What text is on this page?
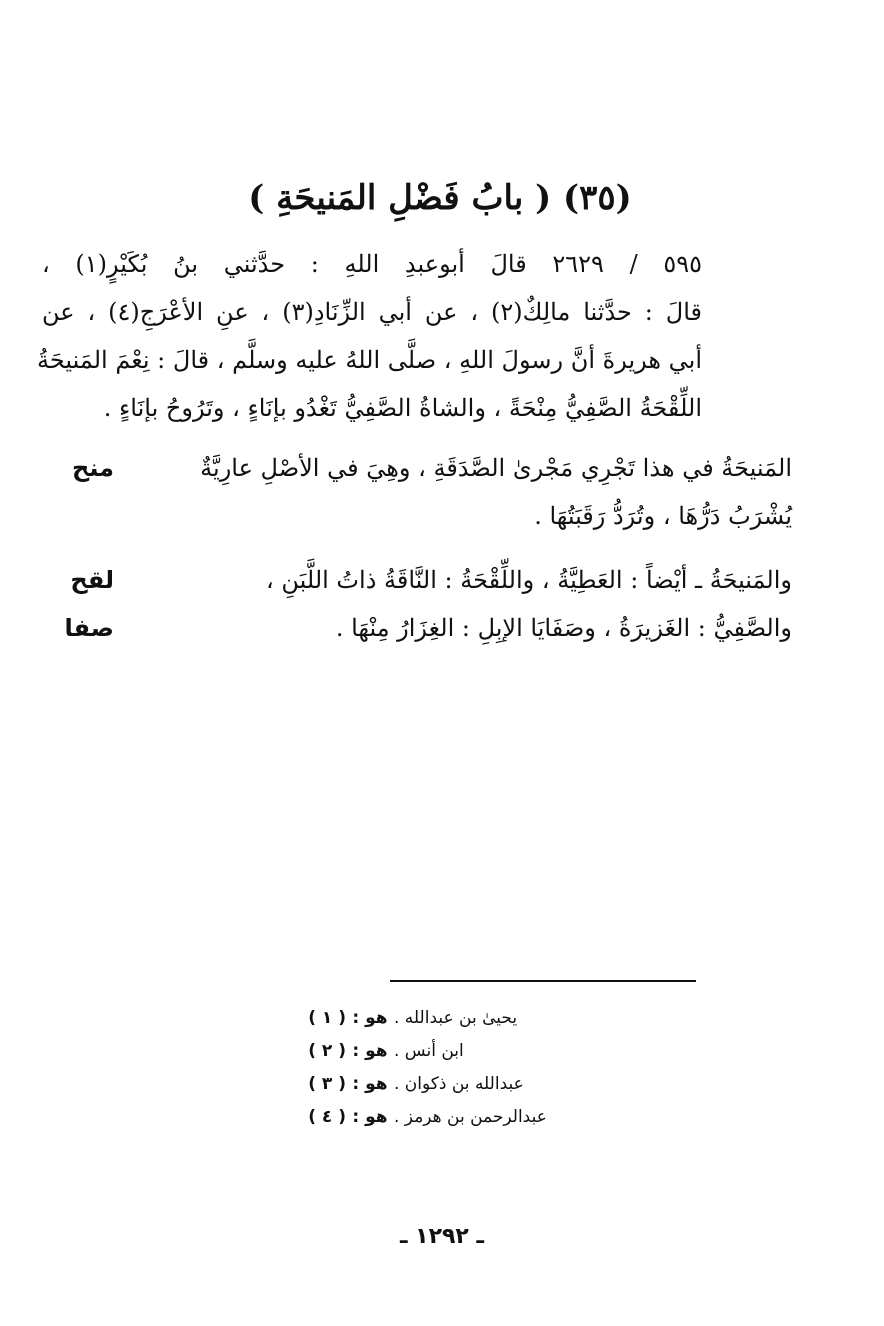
(٣٥) ( بابُ فَضْلِ المَنيحَةِ )
٥٩٥ / ٢٦٢٩ قالَ أبوعبدِ اللهِ : حدَّثني بنُ بُكَيْرٍ(١) ،
قالَ : حدَّثنا مالِكٌ(٢) ، عن أبي الزِّنَادِ(٣) ، عنِ الأعْرَجِ(٤) ، عن
أبي هريرةَ أنَّ رسولَ اللهِ ، صلَّى اللهُ عليه وسلَّم ، قالَ : نِعْمَ المَنيحَةُ
اللِّقْحَةُ الصَّفِيُّ مِنْحَةً ، والشاةُ الصَّفِيُّ تَغْدُو بإنَاءٍ ، وتَرُوحُ بإنَاءٍ .
منح	المَنيحَةُ في هذا تَجْرِي مَجْرىٰ الصَّدَقَةِ ، وهِيَ في الأصْلِ عارِيَّةٌ
يُشْرَبُ دَرُّهَا ، وتُرَدُّ رَقَبَتُهَا .
لقح	والمَنيحَةُ ـ أيْضاً : العَطِيَّةُ ، واللِّقْحَةُ : النَّاقَةُ ذاتُ اللَّبَنِ ،
صفا	والصَّفِيُّ : الغَزيرَةُ ، وصَفَايَا الإبِلِ : الغِزَارُ مِنْهَا .
( ١ ) هو : يحيىٰ بن عبدالله .
( ٢ ) هو : ابن أنس .
( ٣ ) هو : عبدالله بن ذكوان .
( ٤ ) هو : عبدالرحمن بن هرمز .
ـ ١٢٩٢ ـ
